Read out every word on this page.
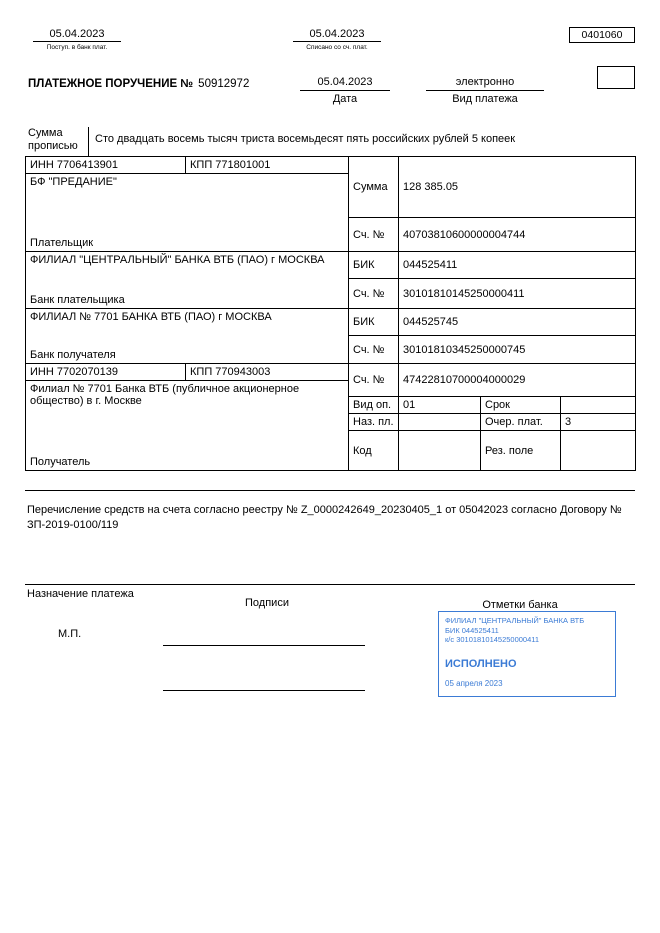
05.04.2023
Поступ. в банк плат.
05.04.2023
Списано со сч. плат.
0401060
ПЛАТЕЖНОЕ ПОРУЧЕНИЕ № 50912972	05.04.2023
Дата
электронно
Вид платежа
Сумма прописью
Сто двадцать восемь тысяч триста восемьдесят пять российских рублей 5 копеек
ИНН 7706413901	КПП 771801001	Сумма	128 385.05		

БФ "ПРЕДАНИЕ"
Плательщик					

		Сч. №	40703810600000004744		

ФИЛИАЛ "ЦЕНТРАЛЬНЫЙ" БАНКА ВТБ (ПАО) г МОСКВА
Банк плательщика		БИК	044525411		
		Сч. №	30101810145250000411		

ФИЛИАЛ № 7701 БАНКА ВТБ (ПАО) г МОСКВА
Банк получателя		БИК	044525745		
		Сч. №	30101810345250000745		
ИНН 7702070139	КПП 770943003	Сч. №	47422810700004000029		

Филиал № 7701 Банка ВТБ (публичное акционерное общество) в г. Москве
Получатель					

		Вид оп.	01	Срок	
		Наз. пл.		Очер. плат.	3
		Код		Рез. поле	
Перечисление средств на счета согласно реестру № Z_0000242649_20230405_1 от 05042023 согласно Договору № ЗП-2019-0100/119
Назначение платежа
Подписи	Отметки банка
М.П.
ФИЛИАЛ "ЦЕНТРАЛЬНЫЙ" БАНКА ВТБ
БИК 044525411
к/с 30101810145250000411
ИСПОЛНЕНО
05 апреля 2023
